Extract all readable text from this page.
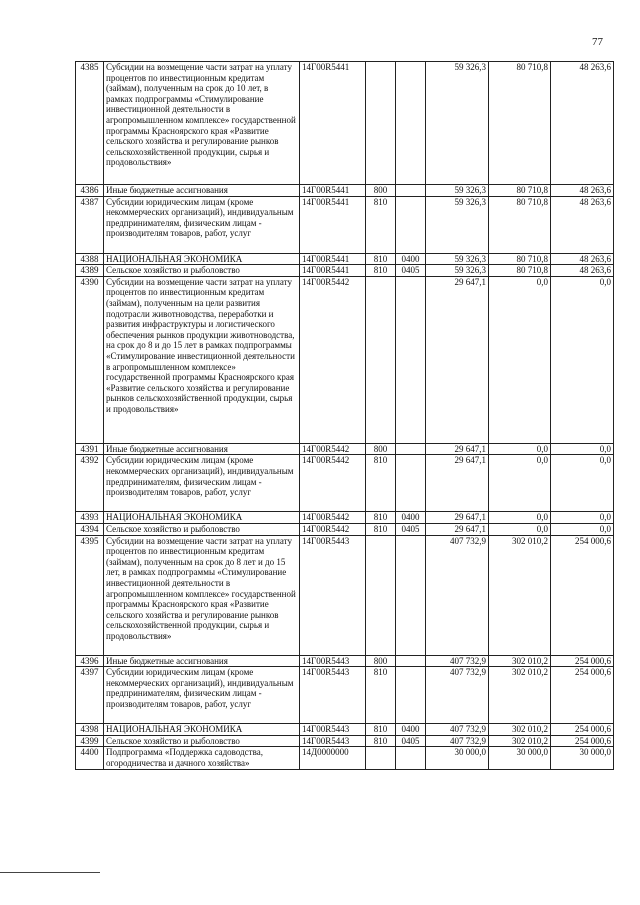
77
4385	Субсидии на возмещение части затрат на уплату процентов по инвестиционным кредитам (займам), полученным на срок до 10 лет, в рамках подпрограммы «Стимулирование инвестиционной деятельности в агропромышленном комплексе» государственной программы Красноярского края «Развитие сельского хозяйства и регулирование рынков сельскохозяйственной продукции, сырья и продовольствия»	14Г00R5441			59 326,3	80 710,8	48 263,6
4386	Иные бюджетные ассигнования	14Г00R5441	800		59 326,3	80 710,8	48 263,6
4387	Субсидии юридическим лицам (кроме некоммерческих организаций), индивидуальным предпринимателям, физическим лицам - производителям товаров, работ, услуг	14Г00R5441	810		59 326,3	80 710,8	48 263,6
4388	НАЦИОНАЛЬНАЯ ЭКОНОМИКА	14Г00R5441	810	0400	59 326,3	80 710,8	48 263,6
4389	Сельское хозяйство и рыболовство	14Г00R5441	810	0405	59 326,3	80 710,8	48 263,6
4390	Субсидии на возмещение части затрат на уплату процентов по инвестиционным кредитам (займам), полученным на цели развития подотрасли животноводства, переработки и развития инфраструктуры и логистического обеспечения рынков продукции животноводства, на срок до 8 и до 15 лет в рамках подпрограммы «Стимулирование инвестиционной деятельности в агропромышленном комплексе» государственной программы Красноярского края «Развитие сельского хозяйства и регулирование рынков сельскохозяйственной продукции, сырья и продовольствия»	14Г00R5442			29 647,1	0,0	0,0
4391	Иные бюджетные ассигнования	14Г00R5442	800		29 647,1	0,0	0,0
4392	Субсидии юридическим лицам (кроме некоммерческих организаций), индивидуальным предпринимателям, физическим лицам - производителям товаров, работ, услуг	14Г00R5442	810		29 647,1	0,0	0,0
4393	НАЦИОНАЛЬНАЯ ЭКОНОМИКА	14Г00R5442	810	0400	29 647,1	0,0	0,0
4394	Сельское хозяйство и рыболовство	14Г00R5442	810	0405	29 647,1	0,0	0,0
4395	Субсидии на возмещение части затрат на уплату процентов по инвестиционным кредитам (займам), полученным на срок до 8 лет и до 15 лет, в рамках подпрограммы «Стимулирование инвестиционной деятельности в агропромышленном комплексе» государственной программы Красноярского края «Развитие сельского хозяйства и регулирование рынков сельскохозяйственной продукции, сырья и продовольствия»	14Г00R5443			407 732,9	302 010,2	254 000,6
4396	Иные бюджетные ассигнования	14Г00R5443	800		407 732,9	302 010,2	254 000,6
4397	Субсидии юридическим лицам (кроме некоммерческих организаций), индивидуальным предпринимателям, физическим лицам - производителям товаров, работ, услуг	14Г00R5443	810		407 732,9	302 010,2	254 000,6
4398	НАЦИОНАЛЬНАЯ ЭКОНОМИКА	14Г00R5443	810	0400	407 732,9	302 010,2	254 000,6
4399	Сельское хозяйство и рыболовство	14Г00R5443	810	0405	407 732,9	302 010,2	254 000,6
4400	Подпрограмма «Поддержка садоводства, огородничества и дачного хозяйства»	14Д0000000			30 000,0	30 000,0	30 000,0
